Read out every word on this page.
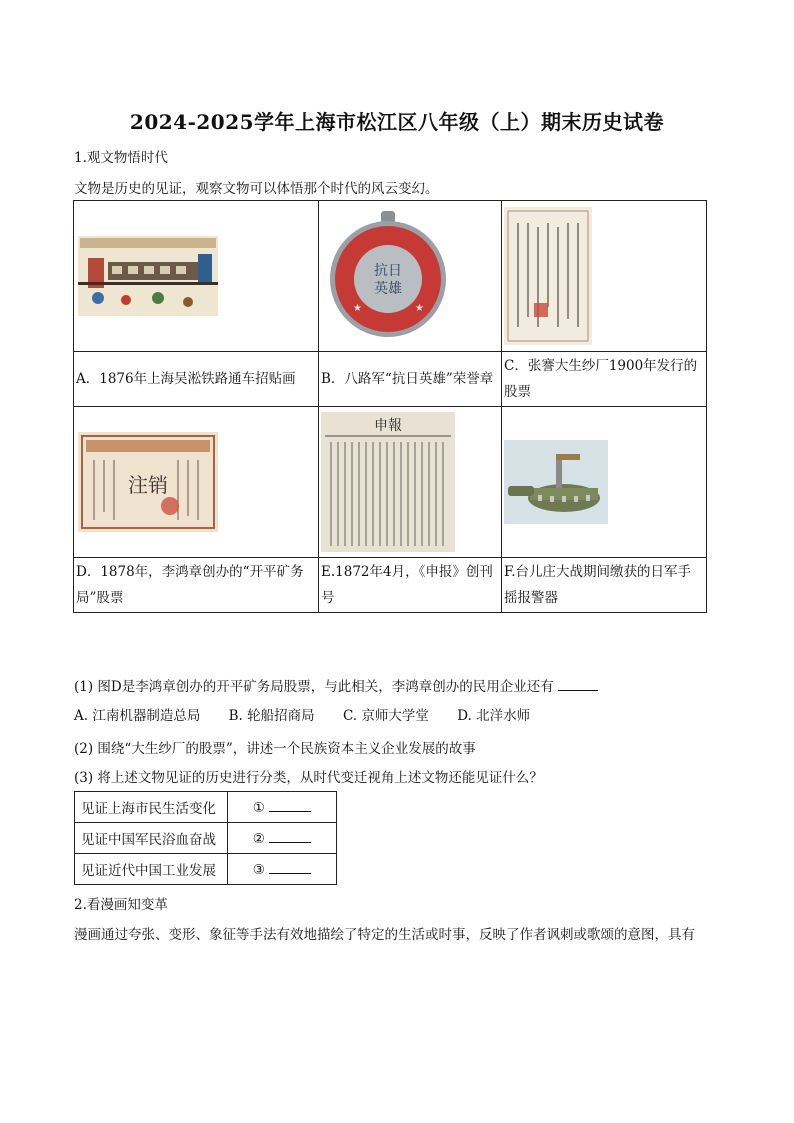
2024-2025学年上海市松江区八年级（上）期末历史试卷
1.观文物悟时代
文物是历史的见证，观察文物可以体悟那个时代的风云变幻。

抗日
英雄
★ ★

A．1876年上海吴淞铁路通车招贴画	B．八路军“抗日英雄”荣誉章	C．张謇大生纱厂1900年发行的股票

注销	申報

D．1878年，李鸿章创办的“开平矿务局”股票	E.1872年4月，《申报》创刊号	F.台儿庄大战期间缴获的日军手摇报警器
(1) 图D是李鸿章创办的开平矿务局股票，与此相关，李鸿章创办的民用企业还有
A. 江南机器制造总局 B. 轮船招商局 C. 京师大学堂 D. 北洋水师
(2) 围绕“大生纱厂的股票”，讲述一个民族资本主义企业发展的故事
(3) 将上述文物见证的历史进行分类，从时代变迁视角上述文物还能见证什么？
见证上海市民生活变化	①
见证中国军民浴血奋战	②
见证近代中国工业发展	③
2.看漫画知变革
漫画通过夸张、变形、象征等手法有效地描绘了特定的生活或时事，反映了作者讽刺或歌颂的意图，具有
